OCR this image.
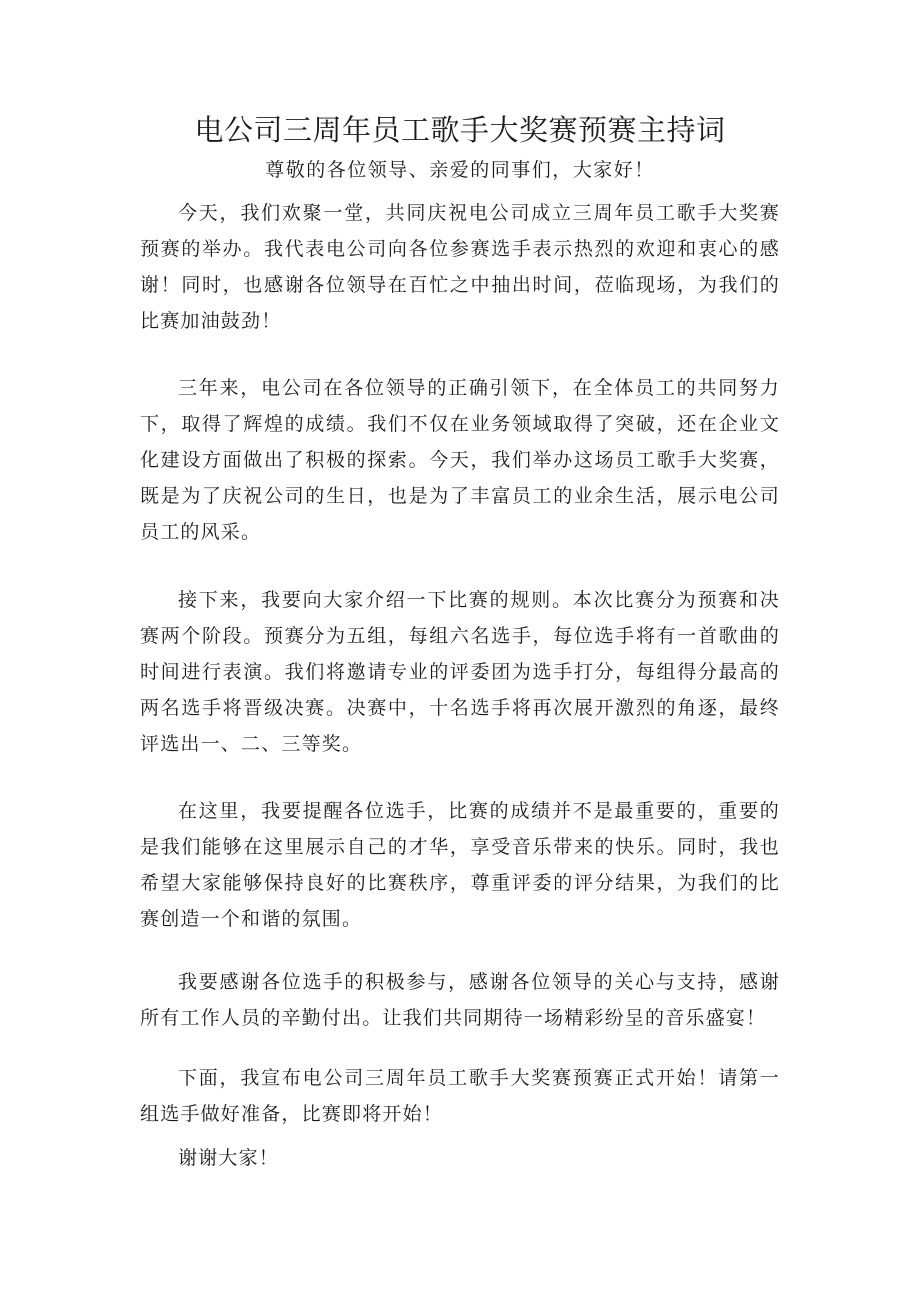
电公司三周年员工歌手大奖赛预赛主持词

尊敬的各位领导、亲爱的同事们，大家好！

今天，我们欢聚一堂，共同庆祝电公司成立三周年员工歌手大奖赛预赛的举办。我代表电公司向各位参赛选手表示热烈的欢迎和衷心的感谢！同时，也感谢各位领导在百忙之中抽出时间，莅临现场，为我们的比赛加油鼓劲！

三年来，电公司在各位领导的正确引领下，在全体员工的共同努力下，取得了辉煌的成绩。我们不仅在业务领域取得了突破，还在企业文化建设方面做出了积极的探索。今天，我们举办这场员工歌手大奖赛，既是为了庆祝公司的生日，也是为了丰富员工的业余生活，展示电公司员工的风采。

接下来，我要向大家介绍一下比赛的规则。本次比赛分为预赛和决赛两个阶段。预赛分为五组，每组六名选手，每位选手将有一首歌曲的时间进行表演。我们将邀请专业的评委团为选手打分，每组得分最高的两名选手将晋级决赛。决赛中，十名选手将再次展开激烈的角逐，最终评选出一、二、三等奖。

在这里，我要提醒各位选手，比赛的成绩并不是最重要的，重要的是我们能够在这里展示自己的才华，享受音乐带来的快乐。同时，我也希望大家能够保持良好的比赛秩序，尊重评委的评分结果，为我们的比赛创造一个和谐的氛围。

我要感谢各位选手的积极参与，感谢各位领导的关心与支持，感谢所有工作人员的辛勤付出。让我们共同期待一场精彩纷呈的音乐盛宴！

下面，我宣布电公司三周年员工歌手大奖赛预赛正式开始！请第一组选手做好准备，比赛即将开始！

谢谢大家！
